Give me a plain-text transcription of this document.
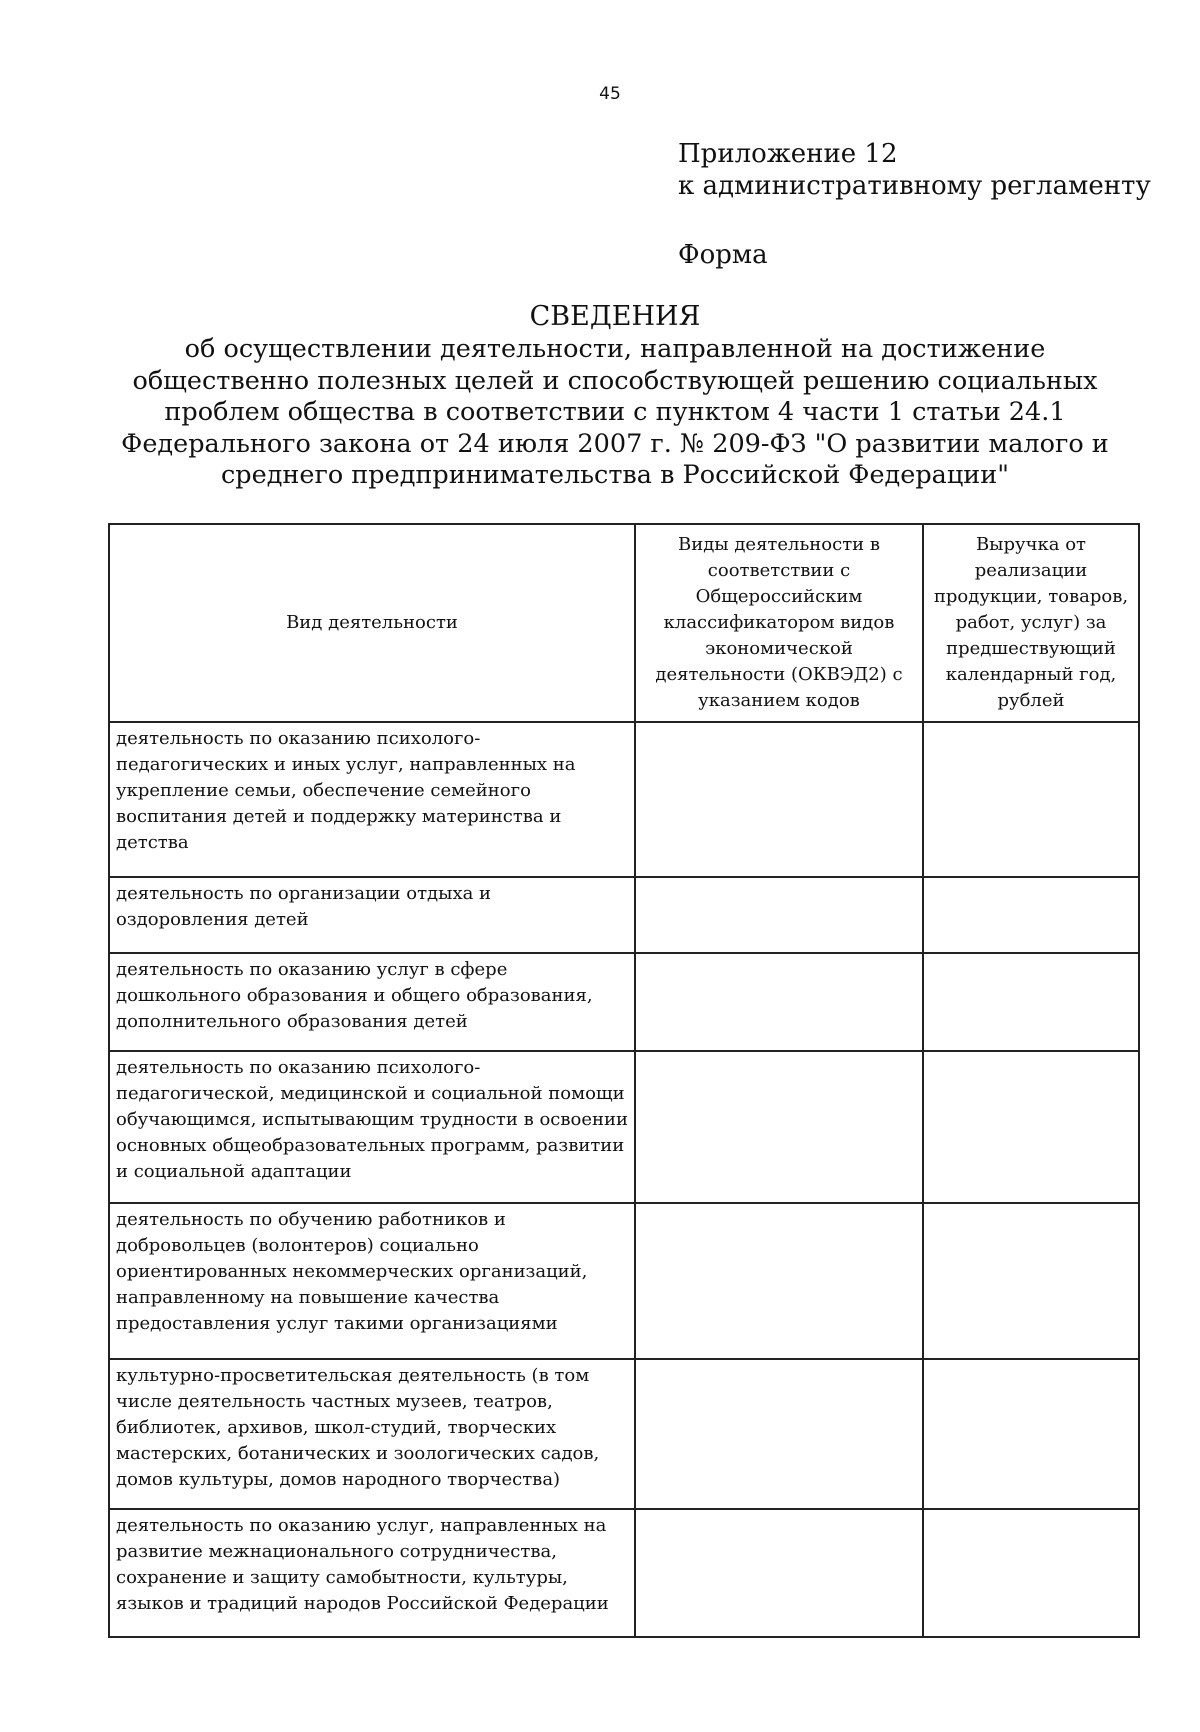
45
Приложение 12
к административному регламенту
Форма
СВЕДЕНИЯ
об осуществлении деятельности, направленной на достижение общественно полезных целей и способствующей решению социальных проблем общества в соответствии с пунктом 4 части 1 статьи 24.1 Федерального закона от 24 июля 2007 г. № 209-ФЗ "О развитии малого и среднего предпринимательства в Российской Федерации"
Вид деятельности	Виды деятельности в соответствии с Общероссийским классификатором видов экономической деятельности (ОКВЭД2) с указанием кодов	Выручка от реализации продукции, товаров, работ, услуг) за предшествующий календарный год, рублей
деятельность по оказанию психолого-педагогических и иных услуг, направленных на укрепление семьи, обеспечение семейного воспитания детей и поддержку материнства и детства		
деятельность по организации отдыха и оздоровления детей		
деятельность по оказанию услуг в сфере дошкольного образования и общего образования, дополнительного образования детей		
деятельность по оказанию психолого-педагогической, медицинской и социальной помощи обучающимся, испытывающим трудности в освоении основных общеобразовательных программ, развитии и социальной адаптации		
деятельность по обучению работников и добровольцев (волонтеров) социально ориентированных некоммерческих организаций, направленному на повышение качества предоставления услуг такими организациями		
культурно-просветительская деятельность (в том числе деятельность частных музеев, театров, библиотек, архивов, школ-студий, творческих мастерских, ботанических и зоологических садов, домов культуры, домов народного творчества)		
деятельность по оказанию услуг, направленных на развитие межнационального сотрудничества, сохранение и защиту самобытности, культуры, языков и традиций народов Российской Федерации		
